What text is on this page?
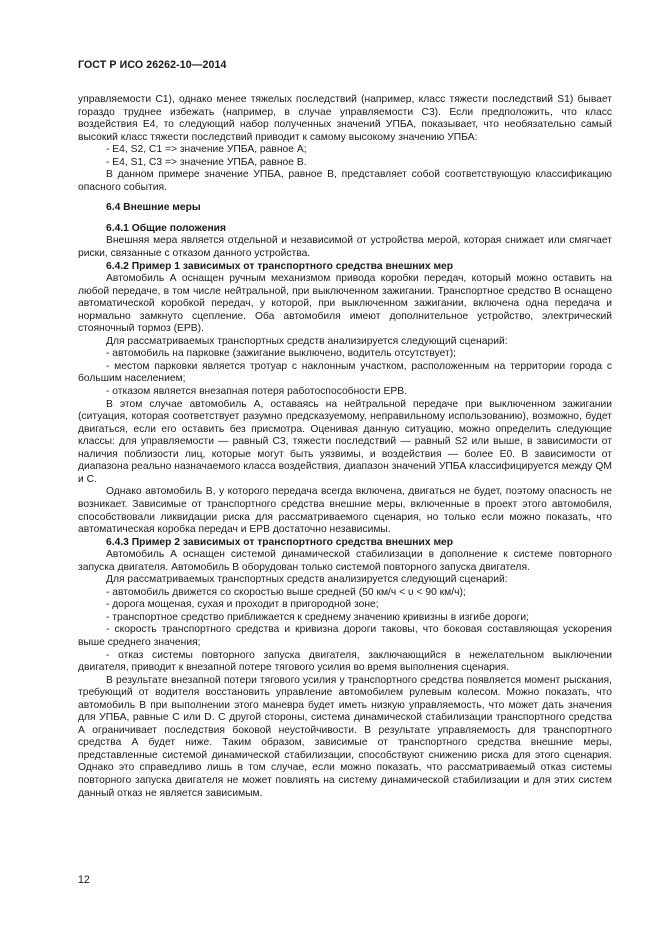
ГОСТ Р ИСО 26262-10—2014

управляемости C1), однако менее тяжелых последствий (например, класс тяжести последствий S1) бывает гораздо труднее избежать (например, в случае управляемости C3). Если предположить, что класс воздействия E4, то следующий набор полученных значений УПБА, показывает, что необязательно самый высокий класс тяжести последствий приводит к самому высокому значению УПБА:

- E4, S2, C1 => значение УПБА, равное А;

- E4, S1, C3 => значение УПБА, равное В.

В данном примере значение УПБА, равное В, представляет собой соответствующую классификацию опасного события.

6.4 Внешние меры

6.4.1 Общие положения

Внешняя мера является отдельной и независимой от устройства мерой, которая снижает или смягчает риски, связанные с отказом данного устройства.

6.4.2 Пример 1 зависимых от транспортного средства внешних мер

Автомобиль А оснащен ручным механизмом привода коробки передач, который можно оставить на любой передаче, в том числе нейтральной, при выключенном зажигании. Транспортное средство В оснащено автоматической коробкой передач, у которой, при выключенном зажигании, включена одна передача и нормально замкнуто сцепление. Оба автомобиля имеют дополнительное устройство, электрический стояночный тормоз (EPB).

Для рассматриваемых транспортных средств анализируется следующий сценарий:

- автомобиль на парковке (зажигание выключено, водитель отсутствует);

- местом парковки является тротуар с наклонным участком, расположенным на территории города с большим населением;

- отказом является внезапная потеря работоспособности EPB.

В этом случае автомобиль А, оставаясь на нейтральной передаче при выключенном зажигании (ситуация, которая соответствует разумно предсказуемому, неправильному использованию), возможно, будет двигаться, если его оставить без присмотра. Оценивая данную ситуацию, можно определить следующие классы: для управляемости — равный C3, тяжести последствий — равный S2 или выше, в зависимости от наличия поблизости лиц, которые могут быть уязвимы, и воздействия — более E0. В зависимости от диапазона реально назначаемого класса воздействия, диапазон значений УПБА классифицируется между QM и C.

Однако автомобиль В, у которого передача всегда включена, двигаться не будет, поэтому опасность не возникает. Зависимые от транспортного средства внешние меры, включенные в проект этого автомобиля, способствовали ликвидации риска для рассматриваемого сценария, но только если можно показать, что автоматическая коробка передач и EPB достаточно независимы.

6.4.3 Пример 2 зависимых от транспортного средства внешних мер

Автомобиль А оснащен системой динамической стабилизации в дополнение к системе повторного запуска двигателя. Автомобиль В оборудован только системой повторного запуска двигателя.

Для рассматриваемых транспортных средств анализируется следующий сценарий:

- автомобиль движется со скоростью выше средней (50 км/ч < υ < 90 км/ч);

- дорога мощеная, сухая и проходит в пригородной зоне;

- транспортное средство приближается к среднему значению кривизны в изгибе дороги;

- скорость транспортного средства и кривизна дороги таковы, что боковая составляющая ускорения выше среднего значения;

- отказ системы повторного запуска двигателя, заключающийся в нежелательном выключении двигателя, приводит к внезапной потере тягового усилия во время выполнения сценария.

В результате внезапной потери тягового усилия у транспортного средства появляется момент рыскания, требующий от водителя восстановить управление автомобилем рулевым колесом. Можно показать, что автомобиль В при выполнении этого маневра будет иметь низкую управляемость, что может дать значения для УПБА, равные C или D. С другой стороны, система динамической стабилизации транспортного средства А ограничивает последствия боковой неустойчивости. В результате управляемость для транспортного средства А будет ниже. Таким образом, зависимые от транспортного средства внешние меры, представленные системой динамической стабилизации, способствуют снижению риска для этого сценария. Однако это справедливо лишь в том случае, если можно показать, что рассматриваемый отказ системы повторного запуска двигателя не может повлиять на систему динамической стабилизации и для этих систем данный отказ не является зависимым.

12
